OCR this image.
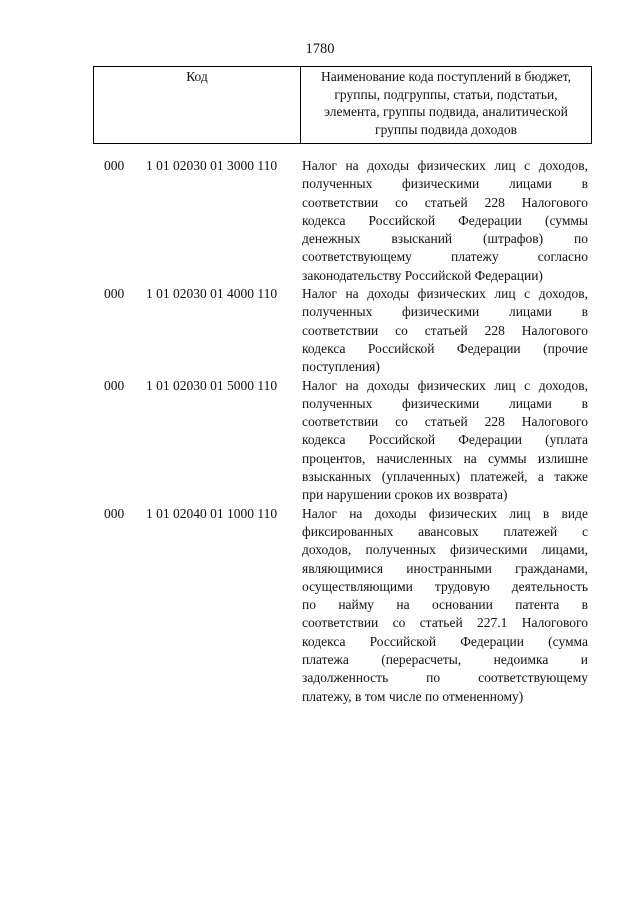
1780
Код	Наименование кода поступлений в бюджет,
группы, подгруппы, статьи, подстатьи,
элемента, группы подвида, аналитической
группы подвида доходов
000 1 01 02030 01 3000 110 Налог на доходы физических лиц с доходов,
полученных физическими лицами в
соответствии со статьей 228 Налогового
кодекса Российской Федерации (суммы
денежных взысканий (штрафов) по
соответствующему платежу согласно
законодательству Российской Федерации)
000 1 01 02030 01 4000 110 Налог на доходы физических лиц с доходов,
полученных физическими лицами в
соответствии со статьей 228 Налогового
кодекса Российской Федерации (прочие
поступления)
000 1 01 02030 01 5000 110 Налог на доходы физических лиц с доходов,
полученных физическими лицами в
соответствии со статьей 228 Налогового
кодекса Российской Федерации (уплата
процентов, начисленных на суммы излишне
взысканных (уплаченных) платежей, а также
при нарушении сроков их возврата)
000 1 01 02040 01 1000 110 Налог на доходы физических лиц в виде
фиксированных авансовых платежей с
доходов, полученных физическими лицами,
являющимися иностранными гражданами,
осуществляющими трудовую деятельность
по найму на основании патента в
соответствии со статьей 227.1 Налогового
кодекса Российской Федерации (сумма
платежа (перерасчеты, недоимка и
задолженность по соответствующему
платежу, в том числе по отмененному)
